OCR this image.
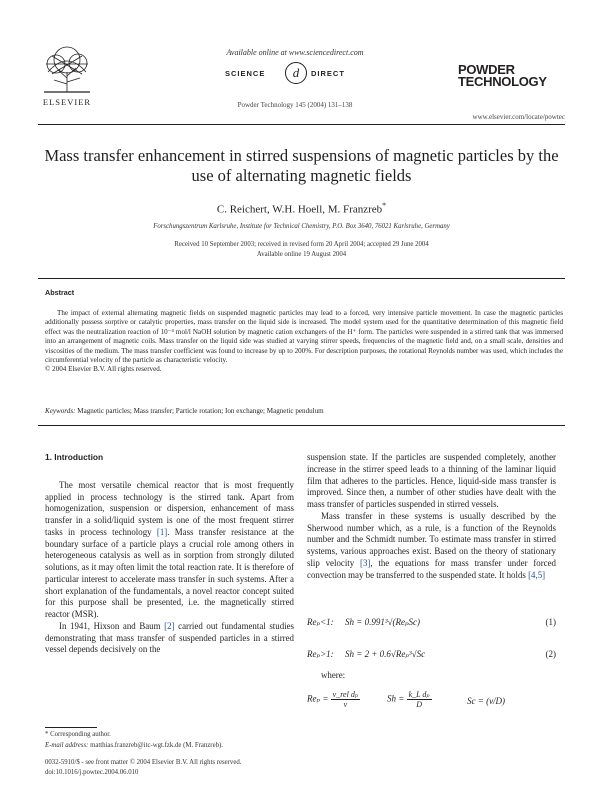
ELSEVIER
Available online at www.sciencedirect.com
SCIENCE	d	DIRECT
Powder Technology 145 (2004) 131–138
POWDER
TECHNOLOGY
www.elsevier.com/locate/powtec
Mass transfer enhancement in stirred suspensions of magnetic particles by the use of alternating magnetic fields
C. Reichert, W.H. Hoell, M. Franzreb*
Forschungszentrum Karlsruhe, Institute for Technical Chemistry, P.O. Box 3640, 76021 Karlsruhe, Germany
Received 10 September 2003; received in revised form 20 April 2004; accepted 29 June 2004
Available online 19 August 2004
Abstract

The impact of external alternating magnetic fields on suspended magnetic particles may lead to a forced, very intensive particle movement. In case the magnetic particles additionally possess sorptive or catalytic properties, mass transfer on the liquid side is increased. The model system used for the quantitative determination of this magnetic field effect was the neutralization reaction of 10⁻⁴ mol/l NaOH solution by magnetic cation exchangers of the H⁺ form. The particles were suspended in a stirred tank that was immersed into an arrangement of magnetic coils. Mass transfer on the liquid side was studied at varying stirrer speeds, frequencies of the magnetic field and, on a small scale, densities and viscosities of the medium. The mass transfer coefficient was found to increase by up to 200%. For description purposes, the rotational Reynolds number was used, which includes the circumferential velocity of the particle as characteristic velocity.

© 2004 Elsevier B.V. All rights reserved.

Keywords: Magnetic particles; Mass transfer; Particle rotation; Ion exchange; Magnetic pendulum
1. Introduction

The most versatile chemical reactor that is most frequently applied in process technology is the stirred tank. Apart from homogenization, suspension or dispersion, enhancement of mass transfer in a solid/liquid system is one of the most frequent stirrer tasks in process technology [1]. Mass transfer resistance at the boundary surface of a particle plays a crucial role among others in heterogeneous catalysis as well as in sorption from strongly diluted solutions, as it may often limit the total reaction rate. It is therefore of particular interest to accelerate mass transfer in such systems. After a short explanation of the fundamentals, a novel reactor concept suited for this purpose shall be presented, i.e. the magnetically stirred reactor (MSR).

In 1941, Hixson and Baum [2] carried out fundamental studies demonstrating that mass transfer of suspended particles in a stirred vessel depends decisively on the

suspension state. If the particles are suspended completely, another increase in the stirrer speed leads to a thinning of the laminar liquid film that adheres to the particles. Hence, liquid-side mass transfer is improved. Since then, a number of other studies have dealt with the mass transfer of particles suspended in stirred vessels.

Mass transfer in these systems is usually described by the Sherwood number which, as a rule, is a function of the Reynolds number and the Schmidt number. To estimate mass transfer in stirred systems, various approaches exist. Based on the theory of stationary slip velocity [3], the equations for mass transfer under forced convection may be transferred to the suspended state. It holds [4,5]

Reₚ<1: Sh = 0.991³√(ReₚSc)	(1)
Reₚ>1: Sh = 2 + 0.6√Reₚ³√Sc	(2)
where:
$Re_p = \frac{\text{v\_rel dₚ}}{\nu}$	$Sh = \frac{\text{k\_L dₚ}}{D}$	Sc = (ν/D)
* Corresponding author.
E-mail address: matthias.franzreb@itc-wgt.fzk.de (M. Franzreb).
0032-5910/$ - see front matter © 2004 Elsevier B.V. All rights reserved.
doi:10.1016/j.powtec.2004.06.010
